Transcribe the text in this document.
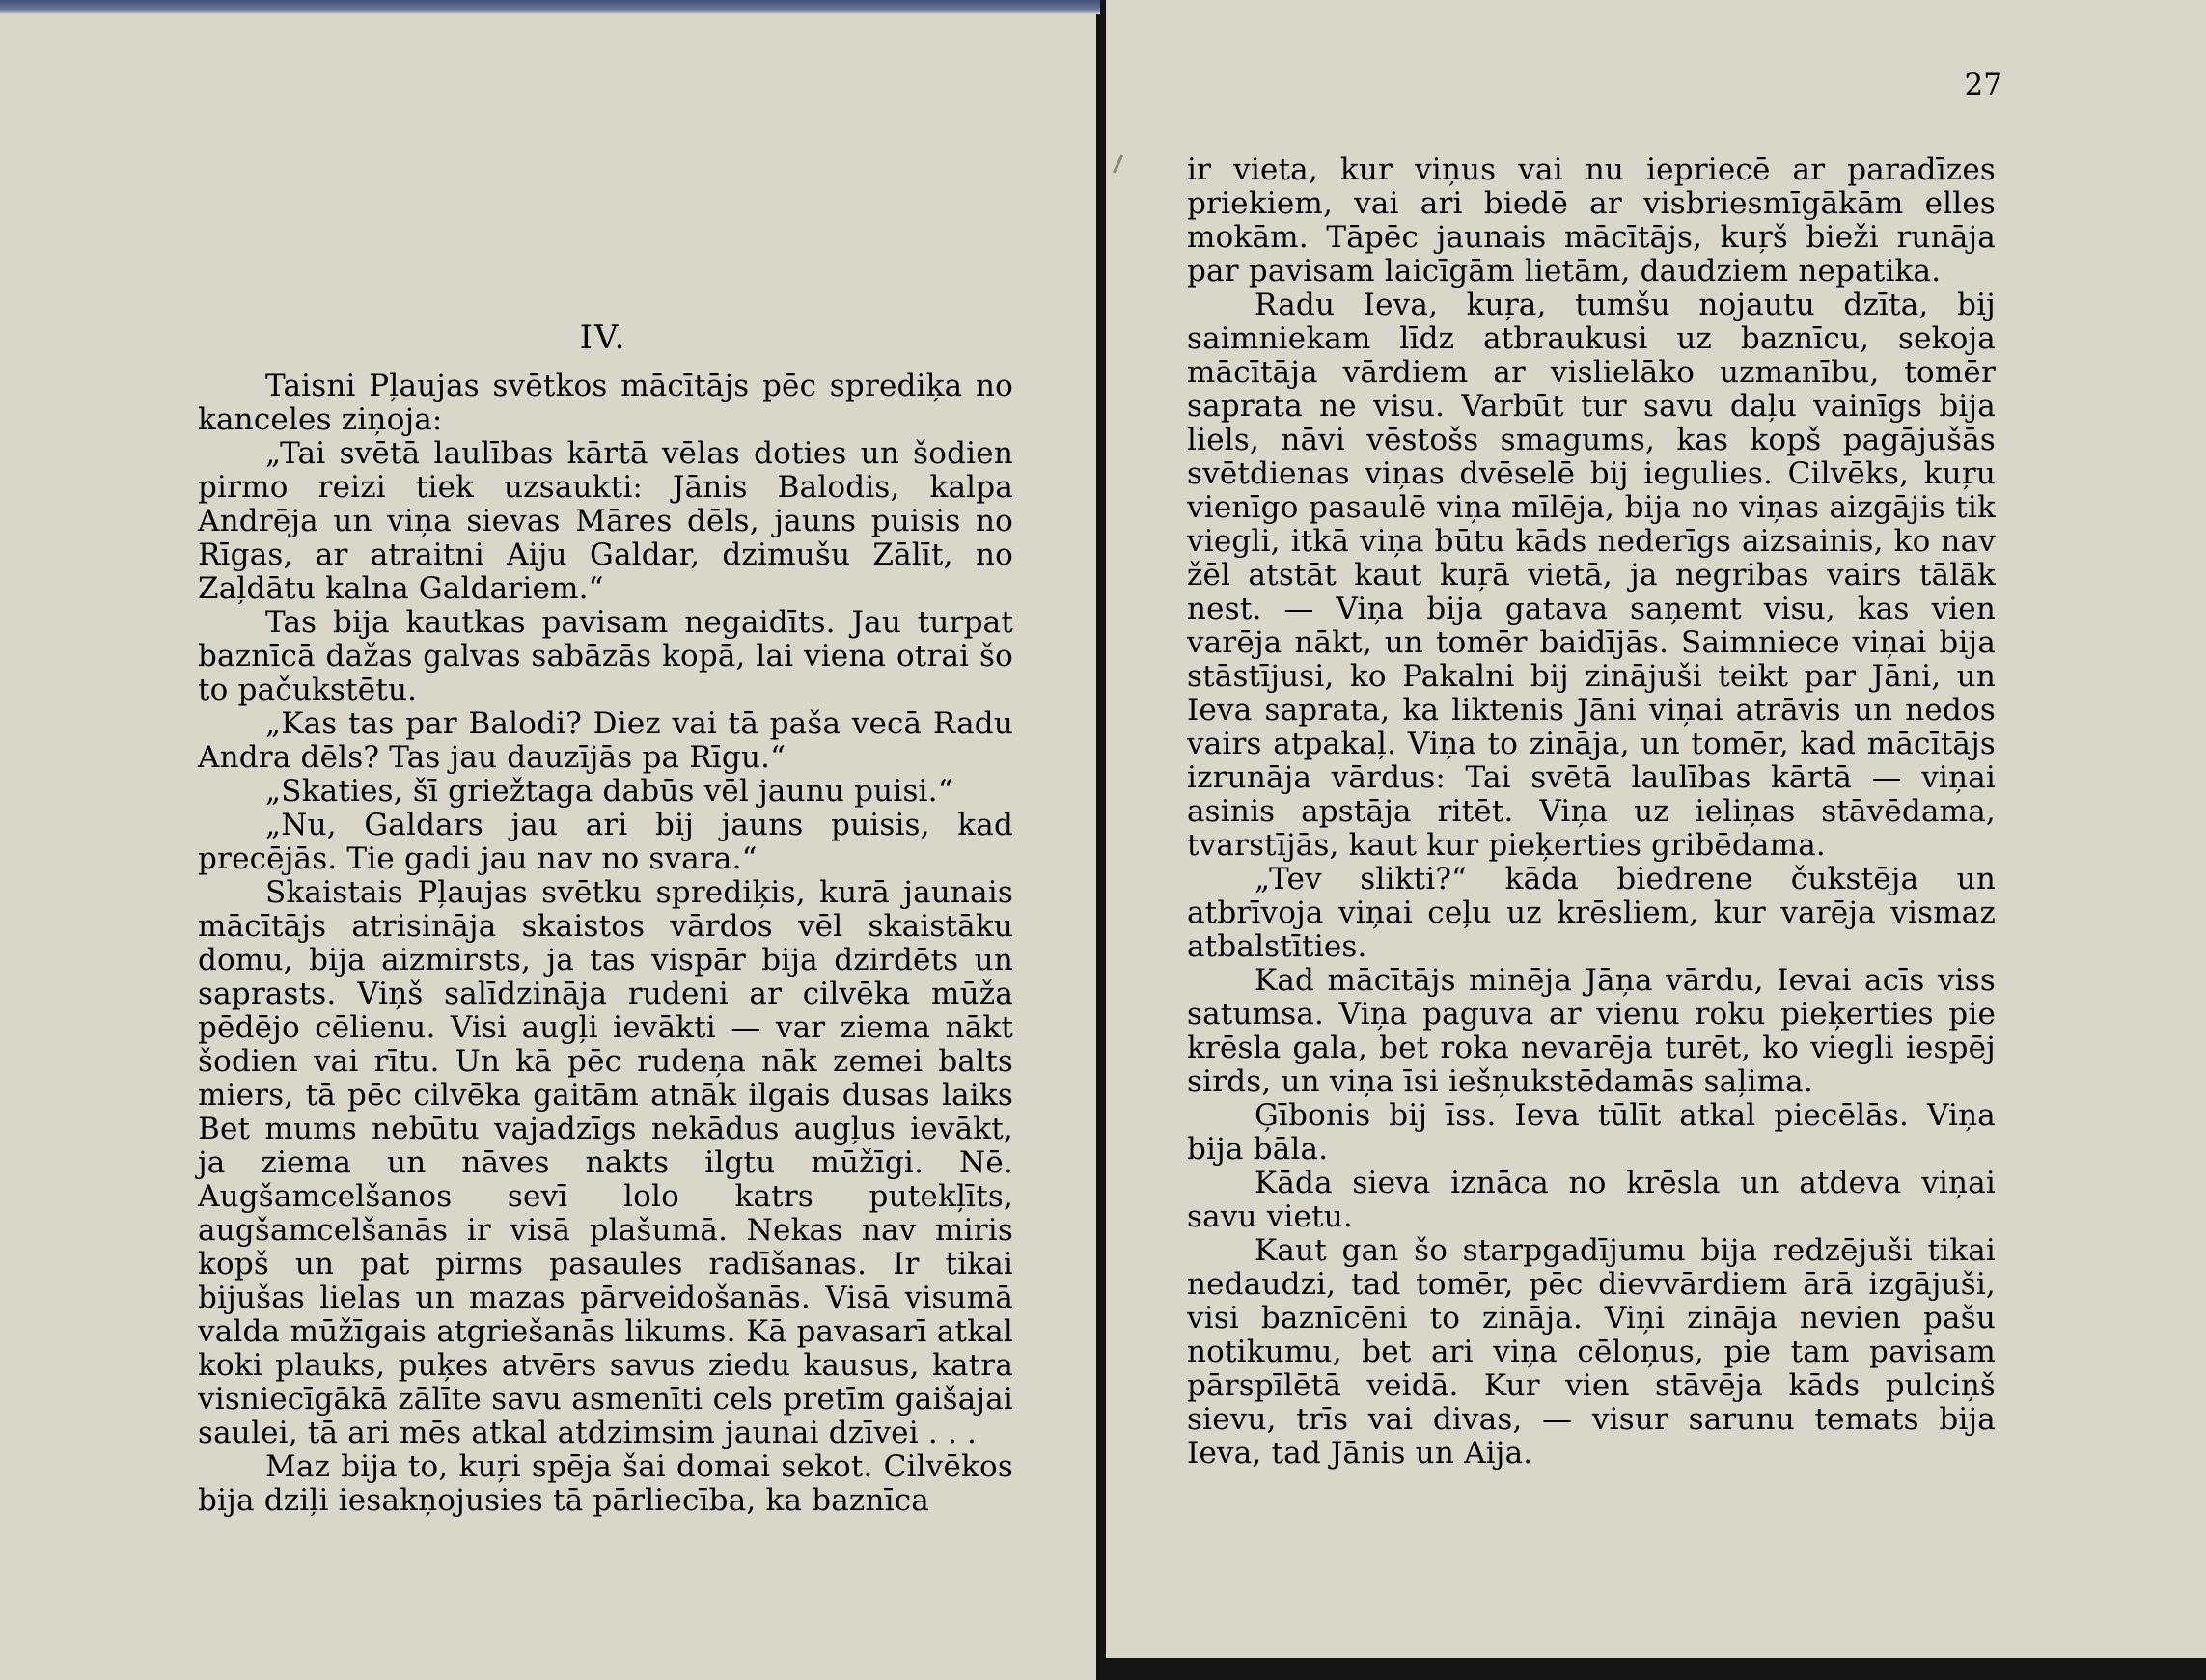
IV.

Taisni Pļaujas svētkos mācītājs pēc sprediķa no kanceles ziņoja:

„Tai svētā laulības kārtā vēlas doties un šodien pirmo reizi tiek uzsaukti: Jānis Balodis, kalpa Andrēja un viņa sievas Māres dēls, jauns puisis no Rīgas, ar atraitni Aiju Galdar, dzimušu Zālīt, no Zaļdātu kalna Galdariem.“

Tas bija kautkas pavisam negaidīts. Jau turpat baznīcā dažas galvas sabāzās kopā, lai viena otrai šo to pačukstētu.

„Kas tas par Balodi? Diez vai tā paša vecā Radu Andra dēls? Tas jau dauzījās pa Rīgu.“

„Skaties, šī griežtaga dabūs vēl jaunu puisi.“

„Nu, Galdars jau ari bij jauns puisis, kad precējās. Tie gadi jau nav no svara.“

Skaistais Pļaujas svētku sprediķis, kurā jaunais mācītājs atrisināja skaistos vārdos vēl skaistāku domu, bija aizmirsts, ja tas vispār bija dzirdēts un saprasts. Viņš salīdzināja rudeni ar cilvēka mūža pēdējo cēlienu. Visi augļi ievākti — var ziema nākt šodien vai rītu. Un kā pēc rudeņa nāk zemei balts miers, tā pēc cilvēka gaitām atnāk ilgais dusas laiks Bet mums nebūtu vajadzīgs nekādus augļus ievākt, ja ziema un nāves nakts ilgtu mūžīgi. Nē. Augšamcelšanos sevī lolo katrs putekļīts, augšamcelšanās ir visā plašumā. Nekas nav miris kopš un pat pirms pasaules radīšanas. Ir tikai bijušas lielas un mazas pārveidošanās. Visā visumā valda mūžīgais atgriešanās likums. Kā pavasarī atkal koki plauks, puķes atvērs savus ziedu kausus, katra visniecīgākā zālīte savu asmenīti cels pretīm gaišajai saulei, tā ari mēs atkal atdzimsim jaunai dzīvei . . .

Maz bija to, kuŗi spēja šai domai sekot. Cilvēkos bija dziļi iesakņojusies tā pārliecība, ka baznīca

27

ir vieta, kur viņus vai nu iepriecē ar paradīzes priekiem, vai ari biedē ar visbriesmīgākām elles mokām. Tāpēc jaunais mācītājs, kuŗš bieži runāja par pavisam laicīgām lietām, daudziem nepatika.

Radu Ieva, kuŗa, tumšu nojautu dzīta, bij saimniekam līdz atbraukusi uz baznīcu, sekoja mācītāja vārdiem ar vislielāko uzmanību, tomēr saprata ne visu. Varbūt tur savu daļu vainīgs bija liels, nāvi vēstošs smagums, kas kopš pagājušās svētdienas viņas dvēselē bij iegulies. Cilvēks, kuŗu vienīgo pasaulē viņa mīlēja, bija no viņas aizgājis tik viegli, itkā viņa būtu kāds nederīgs aizsainis, ko nav žēl atstāt kaut kuŗā vietā, ja negribas vairs tālāk nest. — Viņa bija gatava saņemt visu, kas vien varēja nākt, un tomēr baidījās. Saimniece viņai bija stāstījusi, ko Pakalni bij zinājuši teikt par Jāni, un Ieva saprata, ka liktenis Jāni viņai atrāvis un nedos vairs atpakaļ. Viņa to zināja, un tomēr, kad mācītājs izrunāja vārdus: Tai svētā laulības kārtā — viņai asinis apstāja ritēt. Viņa uz ieliņas stāvēdama, tvarstījās, kaut kur pieķerties gribēdama.

„Tev slikti?“ kāda biedrene čukstēja un atbrīvoja viņai ceļu uz krēsliem, kur varēja vismaz atbalstīties.

Kad mācītājs minēja Jāņa vārdu, Ievai acīs viss satumsa. Viņa paguva ar vienu roku pieķerties pie krēsla gala, bet roka nevarēja turēt, ko viegli iespēj sirds, un viņa īsi iešņukstēdamās saļima.

Ģībonis bij īss. Ieva tūlīt atkal piecēlās. Viņa bija bāla.

Kāda sieva iznāca no krēsla un atdeva viņai savu vietu.

Kaut gan šo starpgadījumu bija redzējuši tikai nedaudzi, tad tomēr, pēc dievvārdiem ārā izgājuši, visi baznīcēni to zināja. Viņi zināja nevien pašu notikumu, bet ari viņa cēloņus, pie tam pavisam pārspīlētā veidā. Kur vien stāvēja kāds pulciņš sievu, trīs vai divas, — visur sarunu temats bija Ieva, tad Jānis un Aija.
